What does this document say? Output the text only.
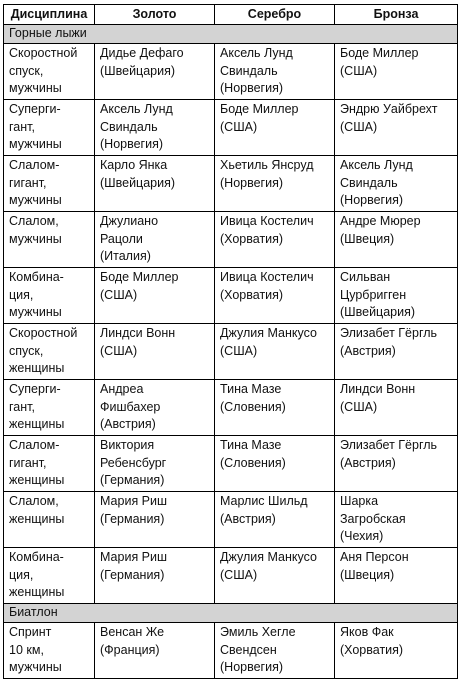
Дисциплина	Золото	Серебро	Бронза
Горные лыжи			

Скоростной
спуск,
мужчины	Дидье Дефаго
(Швейцария)	Аксель Лунд
Свиндаль
(Норвегия)	Боде Миллер
(США)

Суперги-
гант,
мужчины	Аксель Лунд
Свиндаль
(Норвегия)	Боде Миллер
(США)	Эндрю Уайбрехт
(США)

Слалом-
гигант,
мужчины	Карло Янка
(Швейцария)	Хьетиль Янсруд
(Норвегия)	Аксель Лунд
Свиндаль
(Норвегия)

Слалом,
мужчины	Джулиано
Рацоли
(Италия)	Ивица Костелич
(Хорватия)	Андре Мюрер
(Швеция)

Комбина-
ция,
мужчины	Боде Миллер
(США)	Ивица Костелич
(Хорватия)	Сильван
Цурбригген
(Швейцария)

Скоростной
спуск,
женщины	Линдси Вонн
(США)	Джулия Манкусо
(США)	Элизабет Гёргль
(Австрия)

Суперги-
гант,
женщины	Андреа
Фишбахер
(Австрия)	Тина Мазе
(Словения)	Линдси Вонн
(США)

Слалом-
гигант,
женщины	Виктория
Ребенсбург
(Германия)	Тина Мазе
(Словения)	Элизабет Гёргль
(Австрия)

Слалом,
женщины	Мария Риш
(Германия)	Марлис Шильд
(Австрия)	Шарка
Загробская
(Чехия)

Комбина-
ция,
женщины	Мария Риш
(Германия)	Джулия Манкусо
(США)	Аня Персон
(Швеция)

Биатлон			

Спринт
10 км,
мужчины	Венсан Же
(Франция)	Эмиль Хегле
Свендсен
(Норвегия)	Яков Фак
(Хорватия)
